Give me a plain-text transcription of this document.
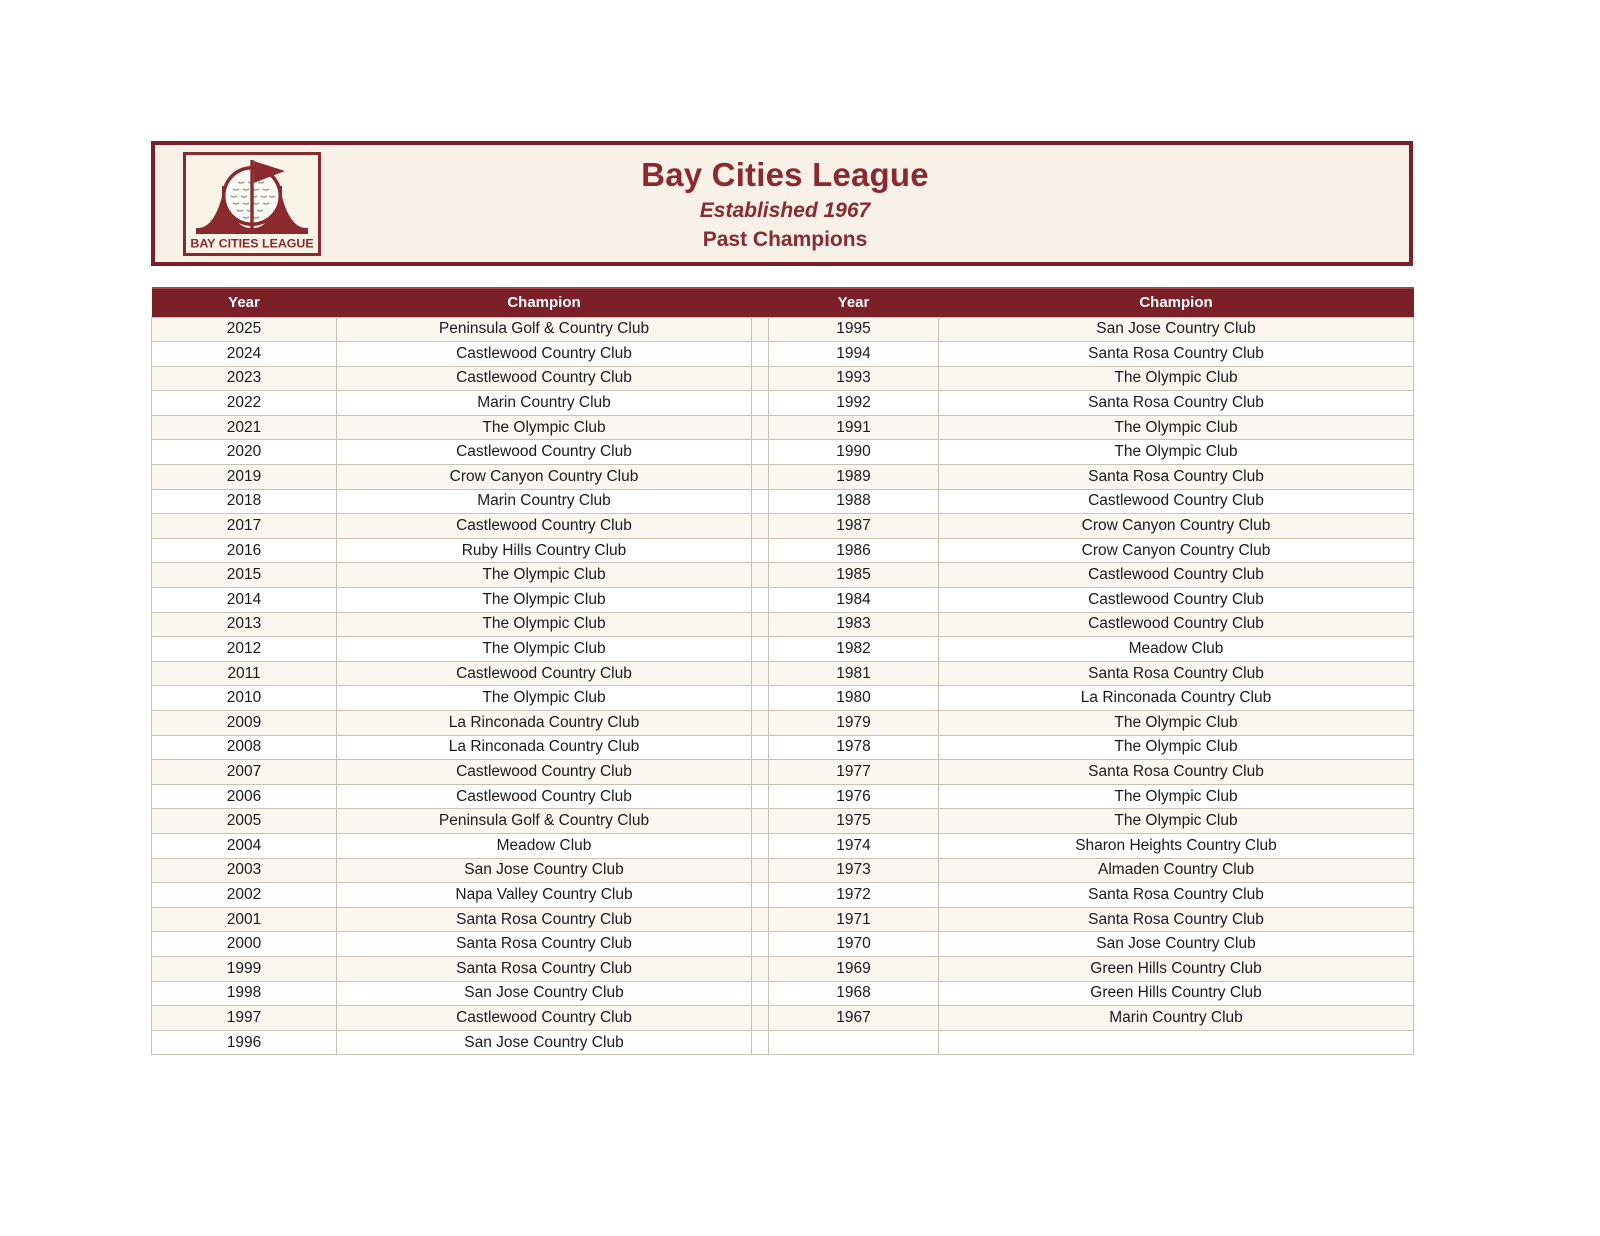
BAY CITIES LEAGUE
Bay Cities League
Established 1967
Past Champions
Year	Champion		Year	Champion
2025	Peninsula Golf & Country Club		1995	San Jose Country Club
2024	Castlewood Country Club		1994	Santa Rosa Country Club
2023	Castlewood Country Club		1993	The Olympic Club
2022	Marin Country Club		1992	Santa Rosa Country Club
2021	The Olympic Club		1991	The Olympic Club
2020	Castlewood Country Club		1990	The Olympic Club
2019	Crow Canyon Country Club		1989	Santa Rosa Country Club
2018	Marin Country Club		1988	Castlewood Country Club
2017	Castlewood Country Club		1987	Crow Canyon Country Club
2016	Ruby Hills Country Club		1986	Crow Canyon Country Club
2015	The Olympic Club		1985	Castlewood Country Club
2014	The Olympic Club		1984	Castlewood Country Club
2013	The Olympic Club		1983	Castlewood Country Club
2012	The Olympic Club		1982	Meadow Club
2011	Castlewood Country Club		1981	Santa Rosa Country Club
2010	The Olympic Club		1980	La Rinconada Country Club
2009	La Rinconada Country Club		1979	The Olympic Club
2008	La Rinconada Country Club		1978	The Olympic Club
2007	Castlewood Country Club		1977	Santa Rosa Country Club
2006	Castlewood Country Club		1976	The Olympic Club
2005	Peninsula Golf & Country Club		1975	The Olympic Club
2004	Meadow Club		1974	Sharon Heights Country Club
2003	San Jose Country Club		1973	Almaden Country Club
2002	Napa Valley Country Club		1972	Santa Rosa Country Club
2001	Santa Rosa Country Club		1971	Santa Rosa Country Club
2000	Santa Rosa Country Club		1970	San Jose Country Club
1999	Santa Rosa Country Club		1969	Green Hills Country Club
1998	San Jose Country Club		1968	Green Hills Country Club
1997	Castlewood Country Club		1967	Marin Country Club
1996	San Jose Country Club			
